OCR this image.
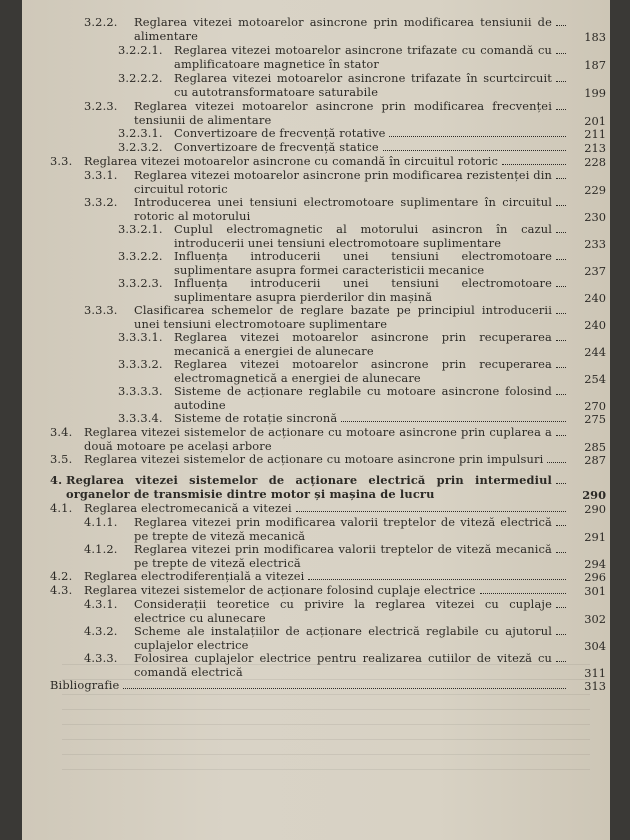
3.2.2. Reglarea vitezei motoarelor asincrone prin modificarea tensiunii de alimentare	183
3.2.2.1. Reglarea vitezei motoarelor asincrone trifazate cu comandă cu amplificatoare magnetice în stator	187
3.2.2.2. Reglarea vitezei motoarelor asincrone trifazate în scurtcircuit cu autotransformatoare saturabile	199
3.2.3. Reglarea vitezei motoarelor asincrone prin modificarea frecvenței tensiunii de alimentare	201
3.2.3.1. Convertizoare de frecvență rotative	211
3.2.3.2. Convertizoare de frecvență statice	213
3.3. Reglarea vitezei motoarelor asincrone cu comandă în circuitul rotoric	228
3.3.1. Reglarea vitezei motoarelor asincrone prin modificarea rezistenței din circuitul rotoric	229
3.3.2. Introducerea unei tensiuni electromotoare suplimentare în circuitul rotoric al motorului	230
3.3.2.1. Cuplul electromagnetic al motorului asincron în cazul introducerii unei tensiuni electromotoare suplimentare	233
3.3.2.2. Influența introducerii unei tensiuni electromotoare suplimentare asupra formei caracteristicii mecanice	237
3.3.2.3. Influența introducerii unei tensiuni electromotoare suplimentare asupra pierderilor din mașină	240
3.3.3. Clasificarea schemelor de reglare bazate pe principiul introducerii unei tensiuni electromotoare suplimentare	240
3.3.3.1. Reglarea vitezei motoarelor asincrone prin recuperarea mecanică a energiei de alunecare	244
3.3.3.2. Reglarea vitezei motoarelor asincrone prin recuperarea electromagnetică a energiei de alunecare	254
3.3.3.3. Sisteme de acționare reglabile cu motoare asincrone folosind autodine	270
3.3.3.4. Sisteme de rotație sincronă	275
3.4. Reglarea vitezei sistemelor de acționare cu motoare asincrone prin cuplarea a două motoare pe același arbore	285
3.5. Reglarea vitezei sistemelor de acționare cu motoare asincrone prin impulsuri	287
4. Reglarea vitezei sistemelor de acționare electrică prin intermediul organelor de transmisie dintre motor și mașina de lucru	290
4.1. Reglarea electromecanică a vitezei	290
4.1.1. Reglarea vitezei prin modificarea valorii treptelor de viteză electrică pe trepte de viteză mecanică	291
4.1.2. Reglarea vitezei prin modificarea valorii treptelor de viteză mecanică pe trepte de viteză electrică	294
4.2. Reglarea electrodiferențială a vitezei	296
4.3. Reglarea vitezei sistemelor de acționare folosind cuplaje electrice	301
4.3.1. Considerații teoretice cu privire la reglarea vitezei cu cuplaje electrice cu alunecare	302
4.3.2. Scheme ale instalațiilor de acționare electrică reglabile cu ajutorul cuplajelor electrice	304
4.3.3. Folosirea cuplajelor electrice pentru realizarea cutiilor de viteză cu comandă electrică	311
Bibliografie	313
